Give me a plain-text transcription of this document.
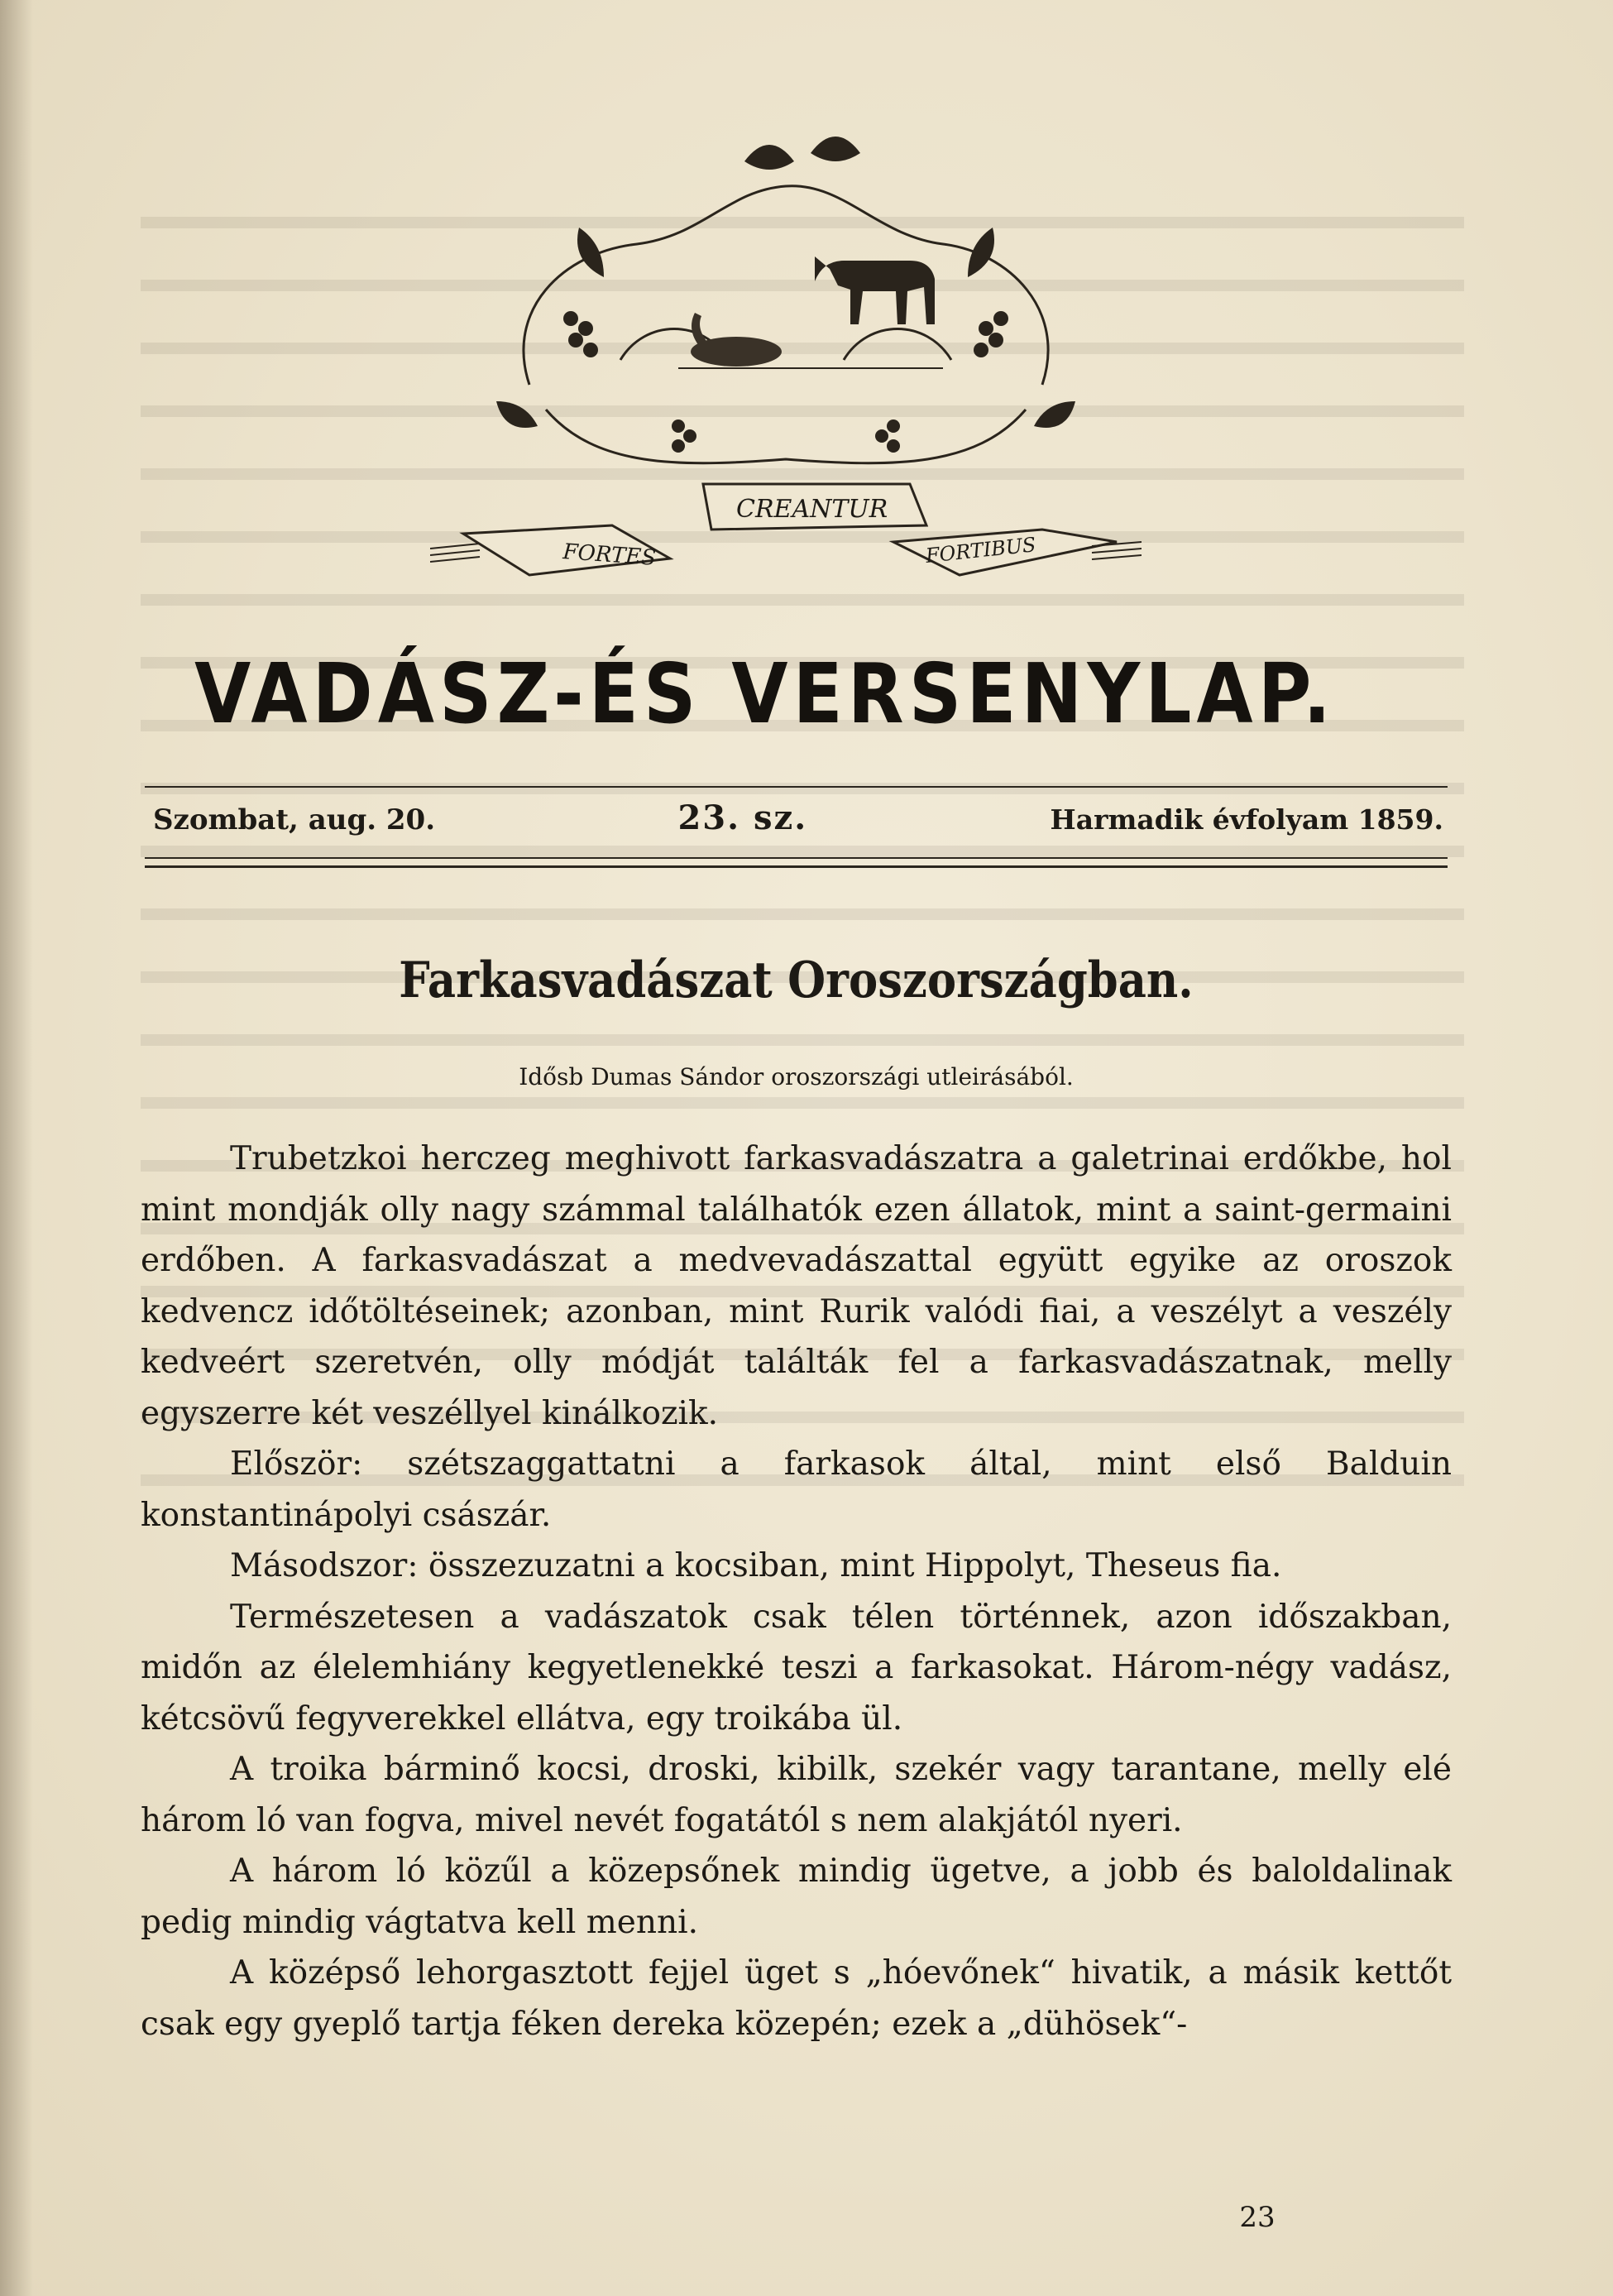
FORTES
CREANTUR
FORTIBUS
VADÁSZ-ÉS VERSENYLAP.
Szombat, aug. 20.	23. sz.	Harmadik évfolyam 1859.
Farkasvadászat Oroszországban.
Idősb Dumas Sándor oroszországi utleirásából.

Trubetzkoi herczeg meghivott farkasvadászatra a galetrinai erdőkbe, hol mint mondják olly nagy számmal találhatók ezen állatok, mint a saint-germaini erdőben. A farkasvadászat a medvevadászattal együtt egyike az oroszok kedvencz időtöltéseinek; azonban, mint Rurik valódi fiai, a veszélyt a veszély kedveért szeretvén, olly módját találták fel a farkasvadászatnak, melly egyszerre két veszéllyel kinálkozik.

Először: szétszaggattatni a farkasok által, mint első Balduin konstantinápolyi császár.

Másodszor: összezuzatni a kocsiban, mint Hippolyt, Theseus fia.

Természetesen a vadászatok csak télen történnek, azon időszakban, midőn az élelemhiány kegyetlenekké teszi a farkasokat. Három-négy vadász, kétcsövű fegyverekkel ellátva, egy troikába ül.

A troika bárminő kocsi, droski, kibilk, szekér vagy tarantane, melly elé három ló van fogva, mivel nevét fogatától s nem alakjától nyeri.

A három ló közűl a közepsőnek mindig ügetve, a jobb és baloldalinak pedig mindig vágtatva kell menni.

A középső lehorgasztott fejjel üget s „hóevőnek“ hivatik, a másik kettőt csak egy gyeplő tartja féken dereka közepén; ezek a „dühösek“-

23
